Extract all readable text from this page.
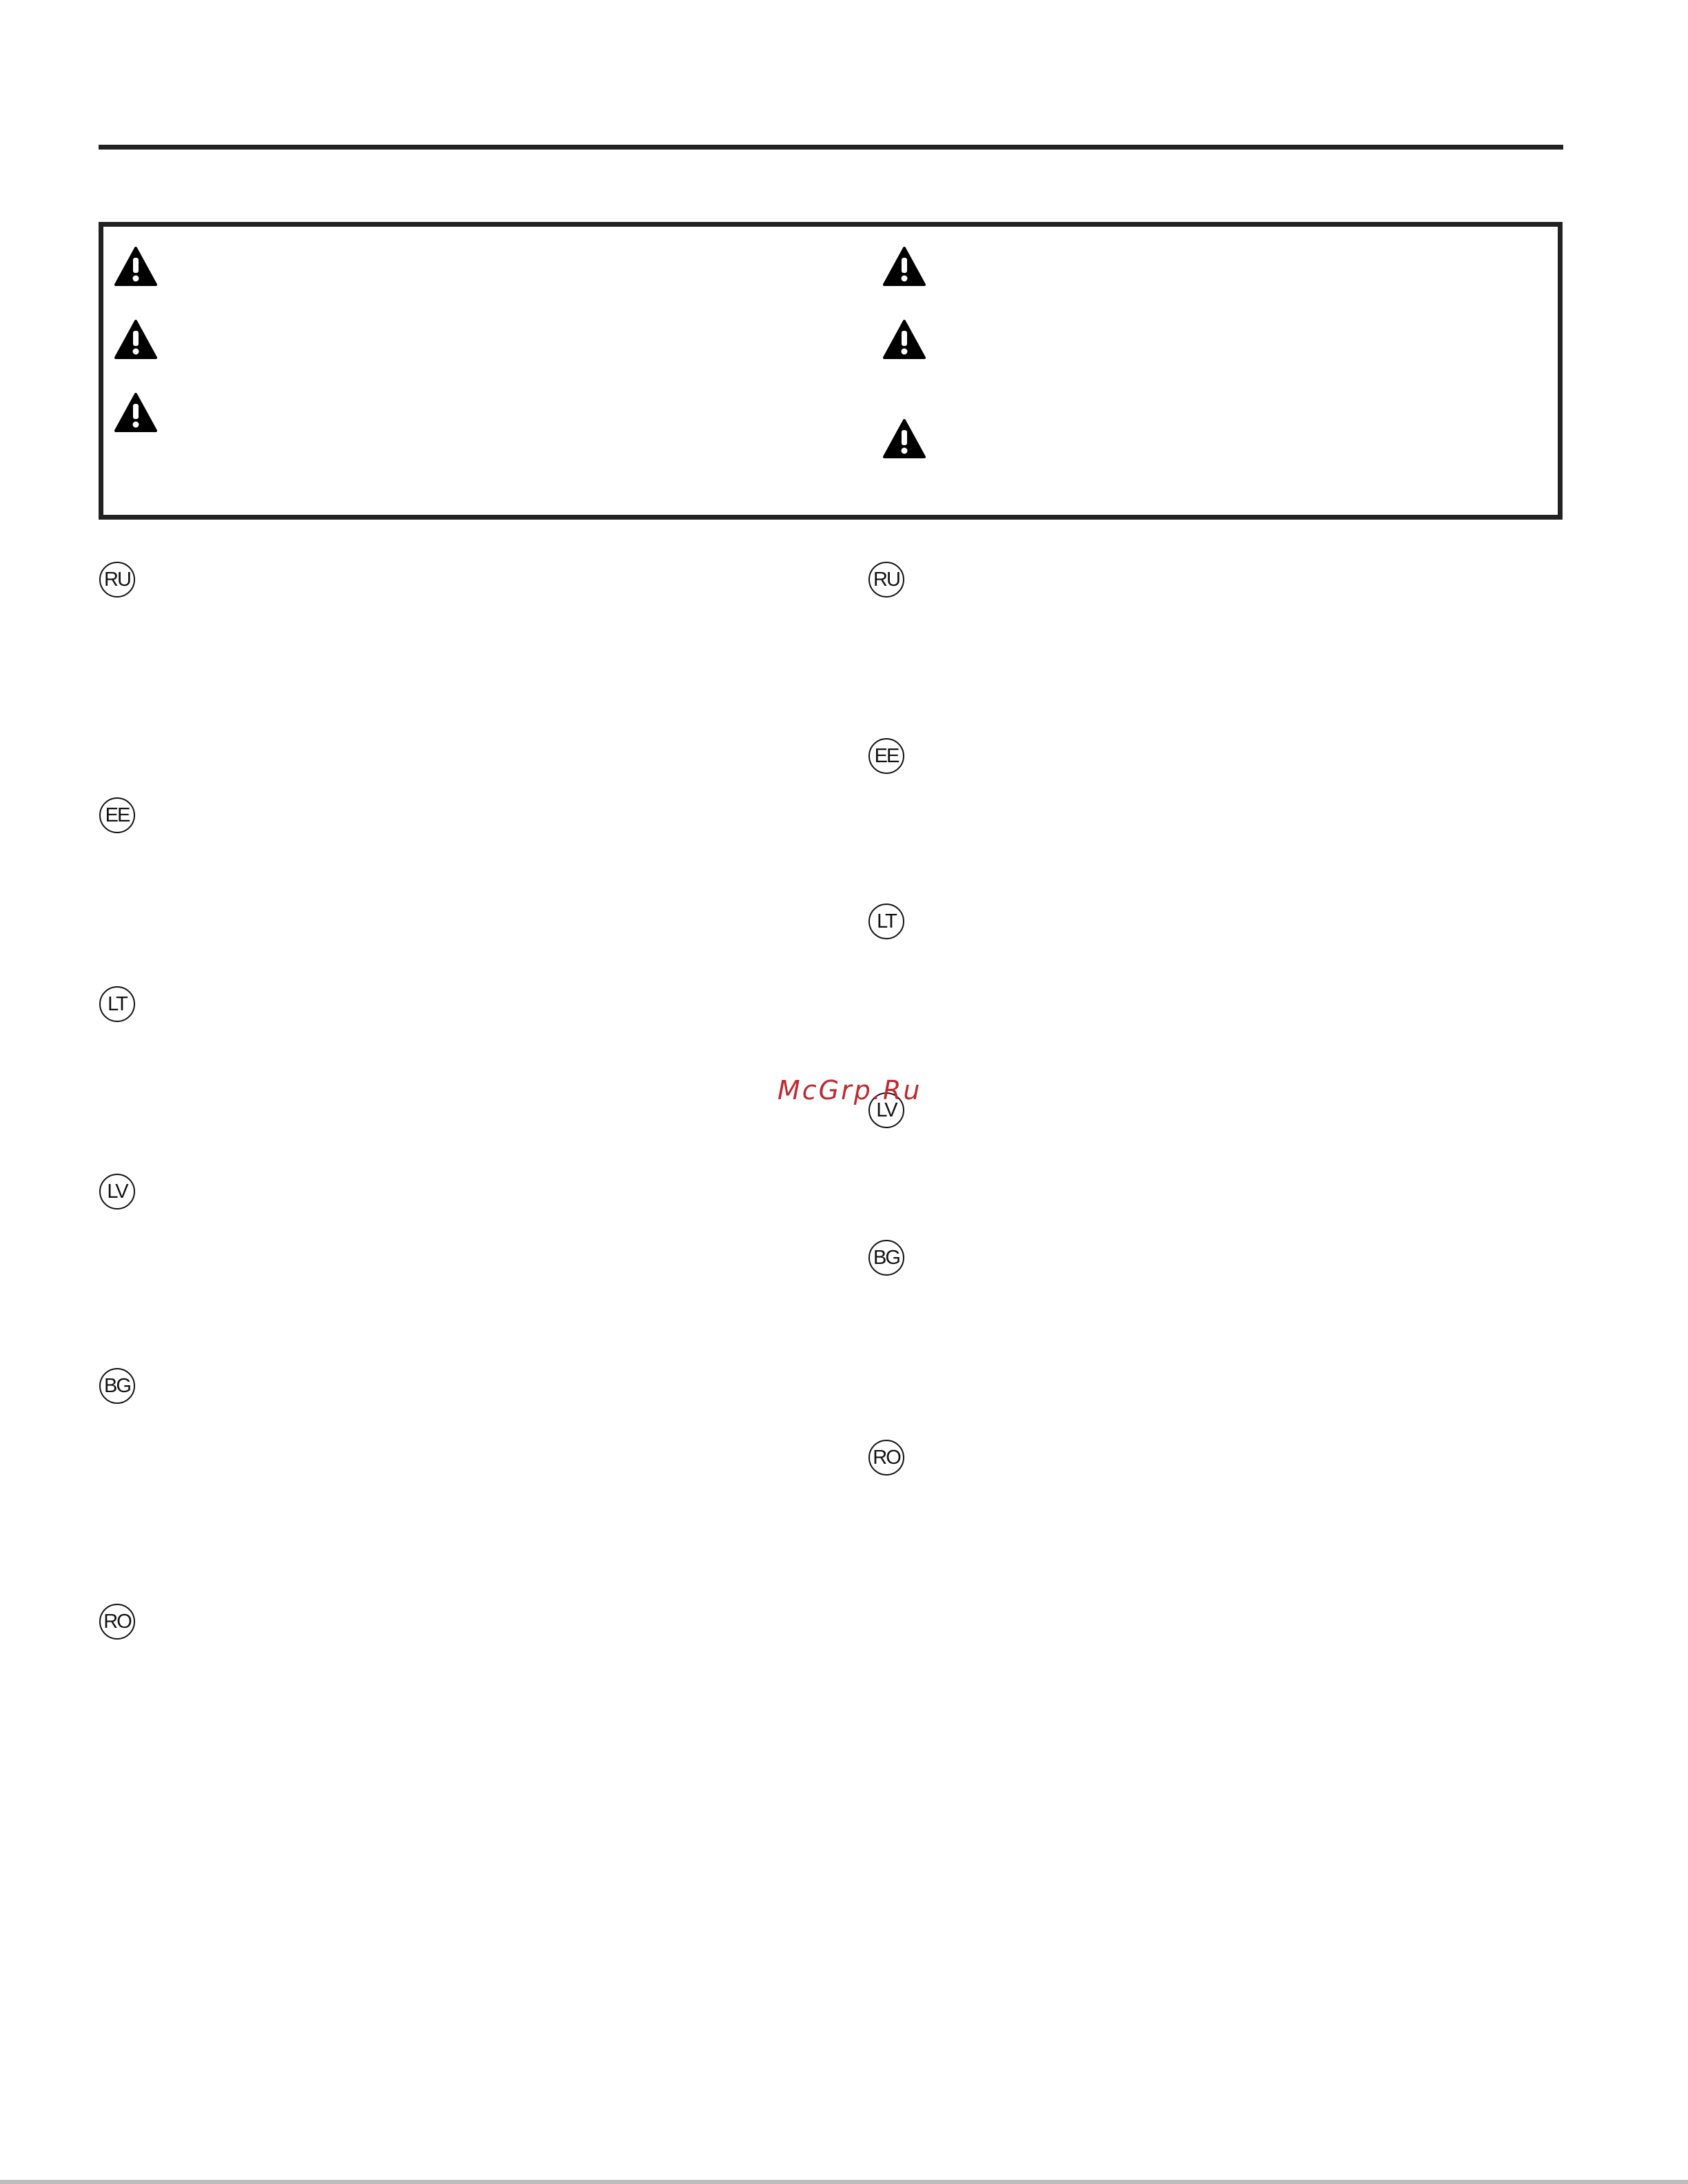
RU
EE
LT
LV
BG
RO
RU
EE
LT
LV
BG
RO
McGrp.Ru
